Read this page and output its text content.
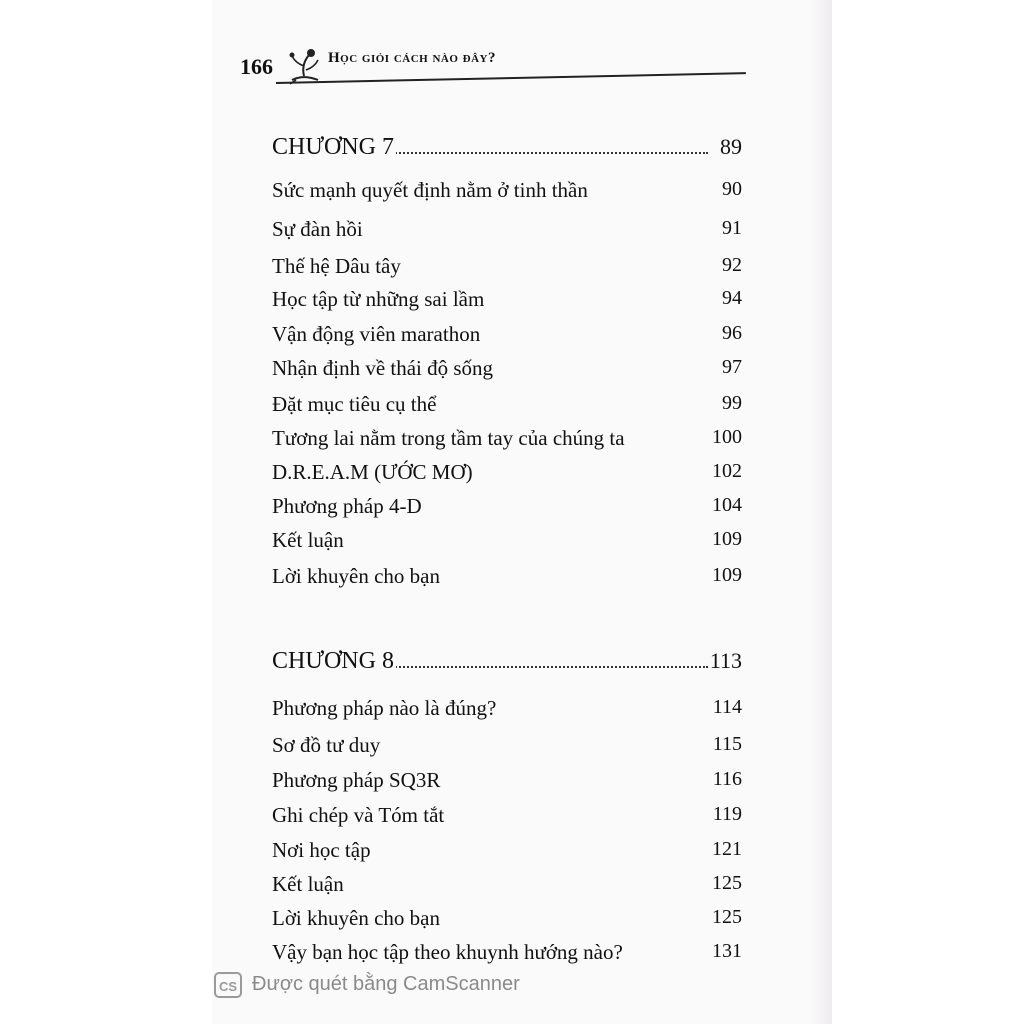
166	Học giỏi cách nào đây?
CHƯƠNG 7	89
Sức mạnh quyết định nằm ở tinh thần	90
Sự đàn hồi	91
Thế hệ Dâu tây	92
Học tập từ những sai lầm	94
Vận động viên marathon	96
Nhận định về thái độ sống	97
Đặt mục tiêu cụ thể	99
Tương lai nằm trong tầm tay của chúng ta	100
D.R.E.A.M (ƯỚC MƠ)	102
Phương pháp 4-D	104
Kết luận	109
Lời khuyên cho bạn	109
CHƯƠNG 8	113
Phương pháp nào là đúng?	114
Sơ đồ tư duy	115
Phương pháp SQ3R	116
Ghi chép và Tóm tắt	119
Nơi học tập	121
Kết luận	125
Lời khuyên cho bạn	125
Vậy bạn học tập theo khuynh hướng nào?	131
CS Được quét bằng CamScanner
